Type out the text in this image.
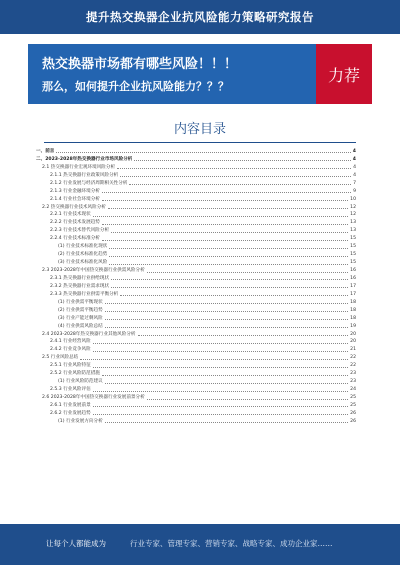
提升热交换器企业抗风险能力策略研究报告
热交换器市场都有哪些风险！！！
那么，如何提升企业抗风险能力？？？
力荐
内容目录
一、前言	4
二、2023-2028年热交换器行业市场风险分析	4
2.1 热交换器行业宏观环境风险分析	4
2.1.1 热交换器行业政策风险分析	4
2.1.2 行业发展与经济周期相关性分析	7
2.1.3 行业金融环境分析	9
2.1.4 行业社会环境分析	10
2.2 热交换器行业技术风险分析	12
2.2.1 行业技术现状	12
2.2.2 行业技术发展趋势	13
2.2.3 行业技术替代风险分析	13
2.2.4 行业技术标准分析	15
(1) 行业技术标准化现状	15
(2) 行业技术标准化趋势	15
(3) 行业技术标准化风险	15
2.3 2023-2028年中国热交换器行业供需风险分析	16
2.3.1 热交换器行业供给现状	16
2.3.2 热交换器行业需求现状	17
2.3.3 热交换器行业供需平衡分析	17
(1) 行业供需平衡现状	18
(2) 行业供需平衡趋势	18
(3) 行业产能过剩风险	18
(4) 行业供需风险总结	19
2.4 2023-2028年热交换器行业其他风险分析	20
2.4.1 行业经营风险	20
2.4.2 行业竞争风险	21
2.5 行业风险总结	22
2.5.1 行业风险特征	22
2.5.2 行业风险防范措施	23
(1) 行业风险防范建议	23
2.5.3 行业风险评估	24
2.6 2023-2028年中国热交换器行业发展前景分析	25
2.6.1 行业发展前景	25
2.6.2 行业发展趋势	26
(1) 行业发展方向分析	26
让每个人都能成为	行业专家、管理专家、营销专家、战略专家、成功企业家……
